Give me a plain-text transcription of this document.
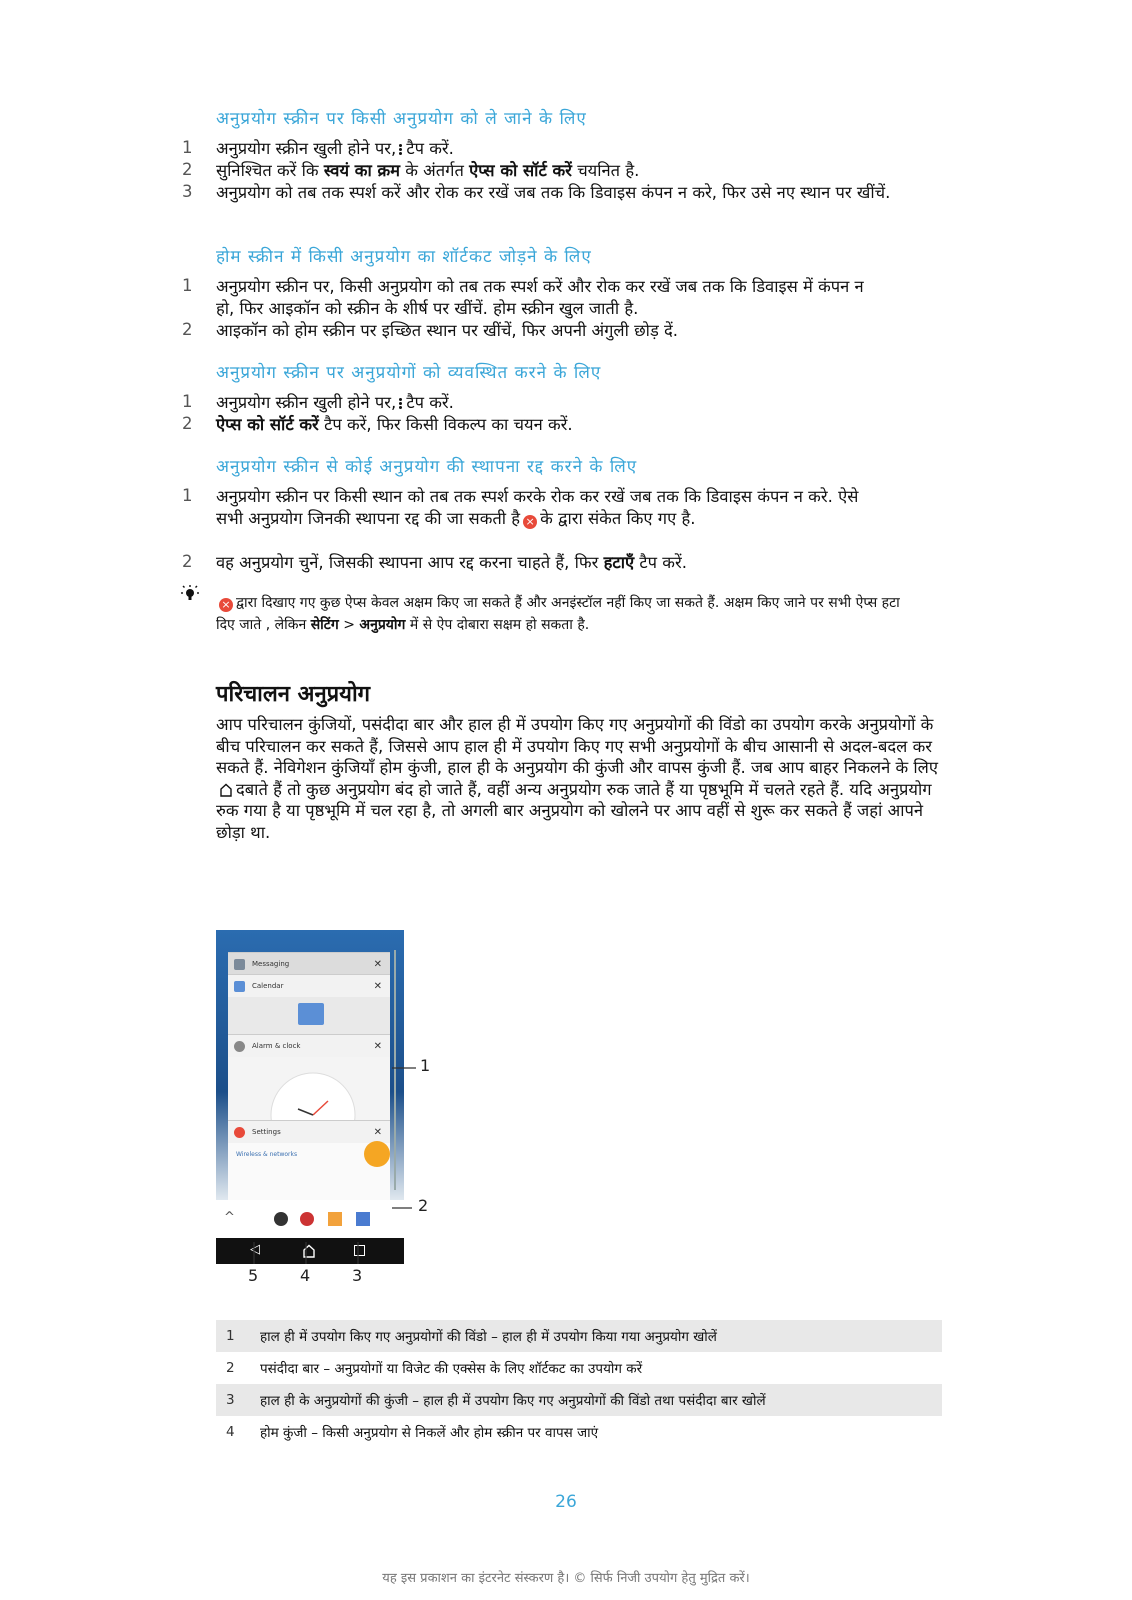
अनुप्रयोग स्क्रीन पर किसी अनुप्रयोग को ले जाने के लिए
1 अनुप्रयोग स्क्रीन खुली होने पर, टैप करें.
2 सुनिश्चित करें कि स्वयं का क्रम के अंतर्गत ऐप्स को सॉर्ट करें चयनित है.
3 अनुप्रयोग को तब तक स्पर्श करें और रोक कर रखें जब तक कि डिवाइस कंपन न करे, फिर उसे नए स्थान पर खींचें.
होम स्क्रीन में किसी अनुप्रयोग का शॉर्टकट जोड़ने के लिए
1 अनुप्रयोग स्क्रीन पर, किसी अनुप्रयोग को तब तक स्पर्श करें और रोक कर रखें जब तक कि डिवाइस में कंपन न हो, फिर आइकॉन को स्क्रीन के शीर्ष पर खींचें. होम स्क्रीन खुल जाती है.
2 आइकॉन को होम स्क्रीन पर इच्छित स्थान पर खींचें, फिर अपनी अंगुली छोड़ दें.
अनुप्रयोग स्क्रीन पर अनुप्रयोगों को व्यवस्थित करने के लिए
1 अनुप्रयोग स्क्रीन खुली होने पर, टैप करें.
2 ऐप्स को सॉर्ट करें टैप करें, फिर किसी विकल्प का चयन करें.
अनुप्रयोग स्क्रीन से कोई अनुप्रयोग की स्थापना रद्द करने के लिए
1 अनुप्रयोग स्क्रीन पर किसी स्थान को तब तक स्पर्श करके रोक कर रखें जब तक कि डिवाइस कंपन न करे. ऐसे सभी अनुप्रयोग जिनकी स्थापना रद्द की जा सकती है × के द्वारा संकेत किए गए है.
2 वह अनुप्रयोग चुनें, जिसकी स्थापना आप रद्द करना चाहते हैं, फिर हटाएँ टैप करें.
× द्वारा दिखाए गए कुछ ऐप्स केवल अक्षम किए जा सकते हैं और अनइंस्टॉल नहीं किए जा सकते हैं. अक्षम किए जाने पर सभी ऐप्स हटा दिए जाते , लेकिन सेटिंग > अनुप्रयोग में से ऐप दोबारा सक्षम हो सकता है.
परिचालन अनुप्रयोग
आप परिचालन कुंजियों, पसंदीदा बार और हाल ही में उपयोग किए गए अनुप्रयोगों की विंडो का उपयोग करके अनुप्रयोगों के बीच परिचालन कर सकते हैं, जिससे आप हाल ही में उपयोग किए गए सभी अनुप्रयोगों के बीच आसानी से अदल-बदल कर सकते हैं. नेविगेशन कुंजियाँ होम कुंजी, हाल ही के अनुप्रयोग की कुंजी और वापस कुंजी हैं. जब आप बाहर निकलने के लिएदबाते हैं तो कुछ अनुप्रयोग बंद हो जाते हैं, वहीं अन्य अनुप्रयोग रुक जाते हैं या पृष्ठभूमि में चलते रहते हैं. यदि अनुप्रयोग रुक गया है या पृष्ठभूमि में चल रहा है, तो अगली बार अनुप्रयोग को खोलने पर आप वहीं से शुरू कर सकते हैं जहां आपने छोड़ा था.
Messaging	✕
Calendar	✕
Alarm & clock	✕
Settings	✕
Wireless & networks
^
◁
1
2
5	4	3
1	हाल ही में उपयोग किए गए अनुप्रयोगों की विंडो – हाल ही में उपयोग किया गया अनुप्रयोग खोलें
2	पसंदीदा बार – अनुप्रयोगों या विजेट की एक्सेस के लिए शॉर्टकट का उपयोग करें
3	हाल ही के अनुप्रयोगों की कुंजी – हाल ही में उपयोग किए गए अनुप्रयोगों की विंडो तथा पसंदीदा बार खोलें
4	होम कुंजी – किसी अनुप्रयोग से निकलें और होम स्क्रीन पर वापस जाएं
26
यह इस प्रकाशन का इंटरनेट संस्करण है। © सिर्फ निजी उपयोग हेतु मुद्रित करें।
